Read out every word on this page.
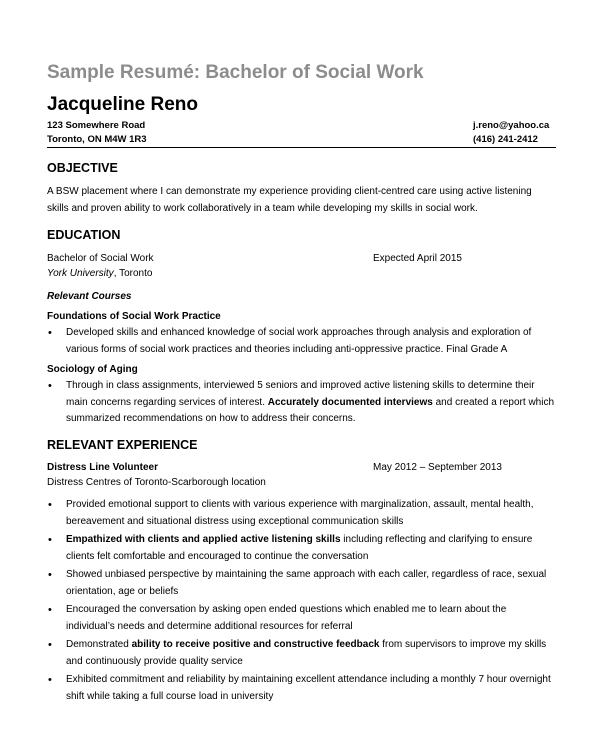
Sample Resumé: Bachelor of Social Work
Jacqueline Reno
123 Somewhere Road
Toronto, ON M4W 1R3
j.reno@yahoo.ca
(416) 241-2412
OBJECTIVE

A BSW placement where I can demonstrate my experience providing client-centred care using active listening skills and proven ability to work collaboratively in a team while developing my skills in social work.

EDUCATION
Bachelor of Social Work	Expected April 2015
York University, Toronto
Relevant Courses
Foundations of Social Work Practice
• Developed skills and enhanced knowledge of social work approaches through analysis and exploration of various forms of social work practices and theories including anti-oppressive practice. Final Grade A
Sociology of Aging
• Through in class assignments, interviewed 5 seniors and improved active listening skills to determine their main concerns regarding services of interest. Accurately documented interviews and created a report which summarized recommendations on how to address their concerns.
RELEVANT EXPERIENCE
Distress Line Volunteer	May 2012 – September 2013
Distress Centres of Toronto-Scarborough location
• Provided emotional support to clients with various experience with marginalization, assault, mental health, bereavement and situational distress using exceptional communication skills
• Empathized with clients and applied active listening skills including reflecting and clarifying to ensure clients felt comfortable and encouraged to continue the conversation
• Showed unbiased perspective by maintaining the same approach with each caller, regardless of race, sexual orientation, age or beliefs
• Encouraged the conversation by asking open ended questions which enabled me to learn about the individual’s needs and determine additional resources for referral
• Demonstrated ability to receive positive and constructive feedback from supervisors to improve my skills and continuously provide quality service
• Exhibited commitment and reliability by maintaining excellent attendance including a monthly 7 hour overnight shift while taking a full course load in university
